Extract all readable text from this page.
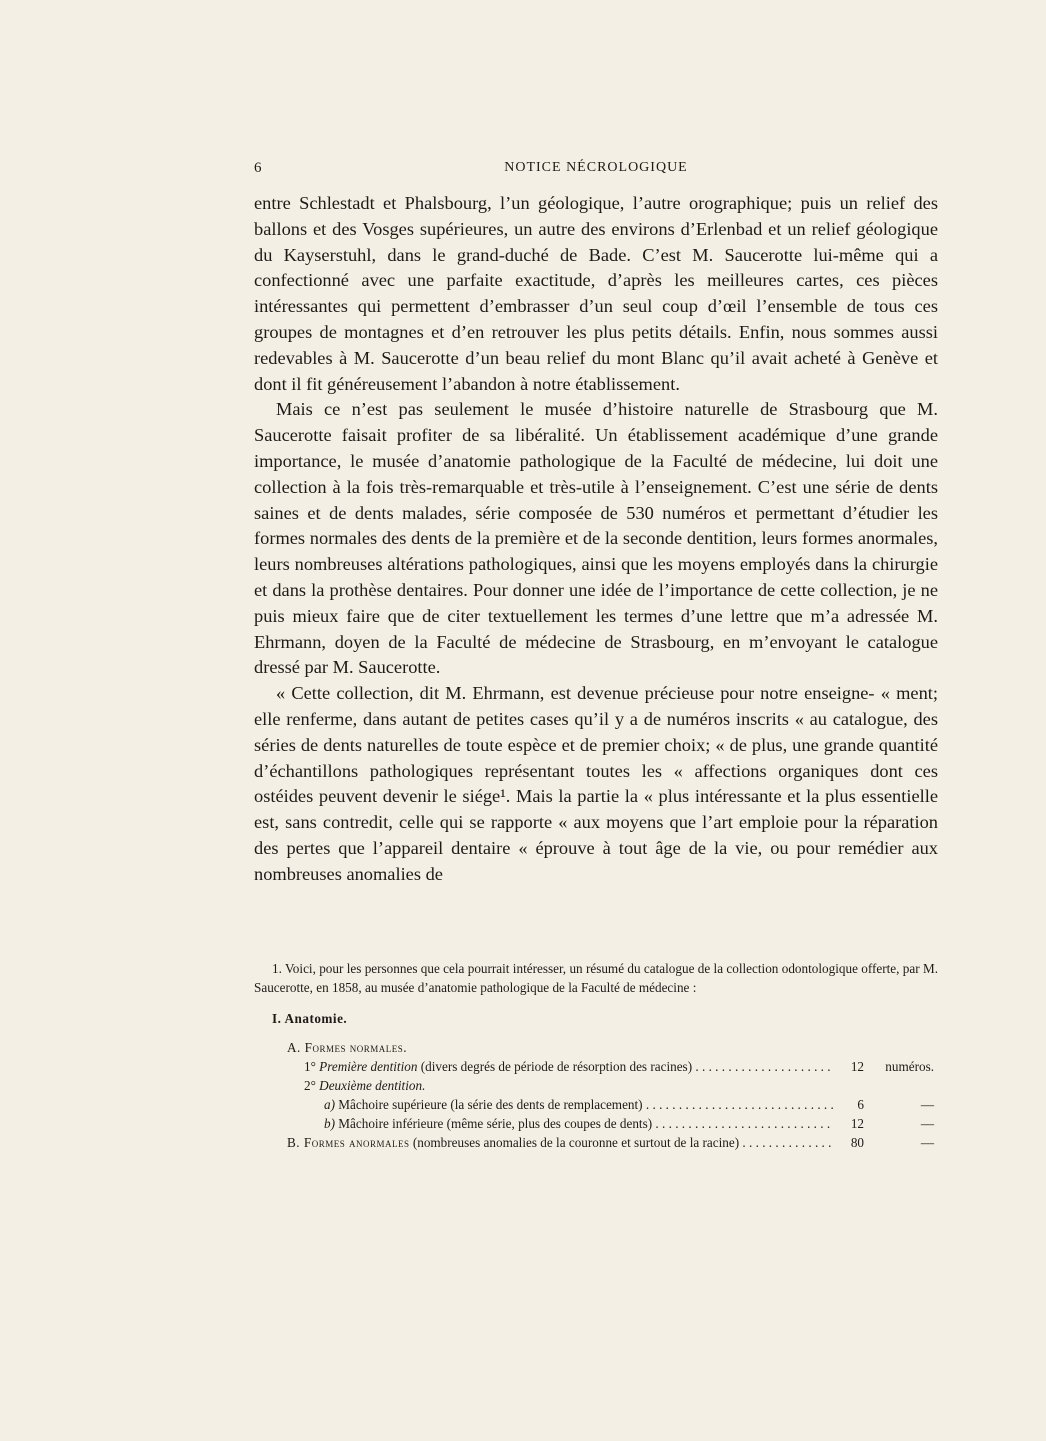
6	NOTICE NÉCROLOGIQUE

entre Schlestadt et Phalsbourg, l’un géologique, l’autre orographique; puis un relief des ballons et des Vosges supérieures, un autre des environs d’Erlenbad et un relief géologique du Kayserstuhl, dans le grand-duché de Bade. C’est M. Saucerotte lui-même qui a confectionné avec une parfaite exactitude, d’après les meilleures cartes, ces pièces intéressantes qui permettent d’embrasser d’un seul coup d’œil l’ensemble de tous ces groupes de montagnes et d’en retrouver les plus petits détails. Enfin, nous sommes aussi redevables à M. Saucerotte d’un beau relief du mont Blanc qu’il avait acheté à Genève et dont il fit généreusement l’abandon à notre établissement.

Mais ce n’est pas seulement le musée d’histoire naturelle de Strasbourg que M. Saucerotte faisait profiter de sa libéralité. Un établissement académique d’une grande importance, le musée d’anatomie pathologique de la Faculté de médecine, lui doit une collection à la fois très-remarquable et très-utile à l’enseignement. C’est une série de dents saines et de dents malades, série composée de 530 numéros et permettant d’étudier les formes normales des dents de la première et de la seconde dentition, leurs formes anormales, leurs nombreuses altérations pathologiques, ainsi que les moyens employés dans la chirurgie et dans la prothèse dentaires. Pour donner une idée de l’importance de cette collection, je ne puis mieux faire que de citer textuellement les termes d’une lettre que m’a adressée M. Ehrmann, doyen de la Faculté de médecine de Strasbourg, en m’envoyant le catalogue dressé par M. Saucerotte.

« Cette collection, dit M. Ehrmann, est devenue précieuse pour notre enseigne- « ment; elle renferme, dans autant de petites cases qu’il y a de numéros inscrits « au catalogue, des séries de dents naturelles de toute espèce et de premier choix; « de plus, une grande quantité d’échantillons pathologiques représentant toutes les « affections organiques dont ces ostéides peuvent devenir le siége¹. Mais la partie la « plus intéressante et la plus essentielle est, sans contredit, celle qui se rapporte « aux moyens que l’art emploie pour la réparation des pertes que l’appareil dentaire « éprouve à tout âge de la vie, ou pour remédier aux nombreuses anomalies de

1. Voici, pour les personnes que cela pourrait intéresser, un résumé du catalogue de la collection odontologique offerte, par M. Saucerotte, en 1858, au musée d’anatomie pathologique de la Faculté de médecine :

I. Anatomie.
A. Formes normales.
1° Première dentition (divers degrés de période de résorption des racines) . . .	12	numéros.
2° Deuxième dentition.
a) Mâchoire supérieure (la série des dents de remplacement) . . .	6	—
b) Mâchoire inférieure (même série, plus des coupes de dents) . . .	12	—
B. Formes anormales (nombreuses anomalies de la couronne et surtout de la racine) . . .	80	—
